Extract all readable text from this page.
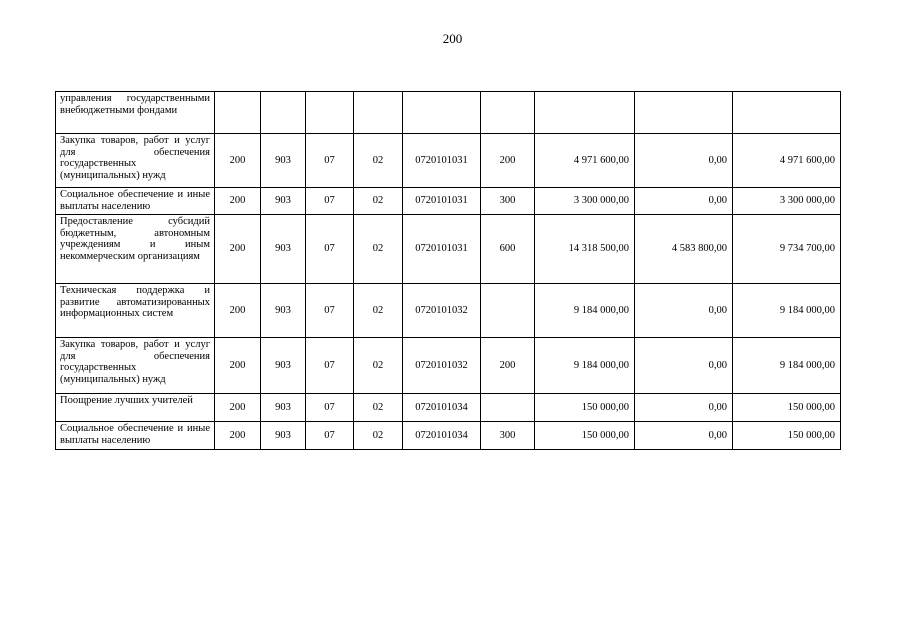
200
управления государственными внебюджетными фондами									
Закупка товаров, работ и услуг для обеспечения государственных (муниципальных) нужд	200	903	07	02	0720101031	200	4 971 600,00	0,00	4 971 600,00
Социальное обеспечение и иные выплаты населению	200	903	07	02	0720101031	300	3 300 000,00	0,00	3 300 000,00
Предоставление субсидий бюджетным, автономным учреждениям и иным некоммерческим организациям	200	903	07	02	0720101031	600	14 318 500,00	4 583 800,00	9 734 700,00
Техническая поддержка и развитие автоматизированных информационных систем	200	903	07	02	0720101032		9 184 000,00	0,00	9 184 000,00
Закупка товаров, работ и услуг для обеспечения государственных (муниципальных) нужд	200	903	07	02	0720101032	200	9 184 000,00	0,00	9 184 000,00
Поощрение лучших учителей	200	903	07	02	0720101034		150 000,00	0,00	150 000,00
Социальное обеспечение и иные выплаты населению	200	903	07	02	0720101034	300	150 000,00	0,00	150 000,00
